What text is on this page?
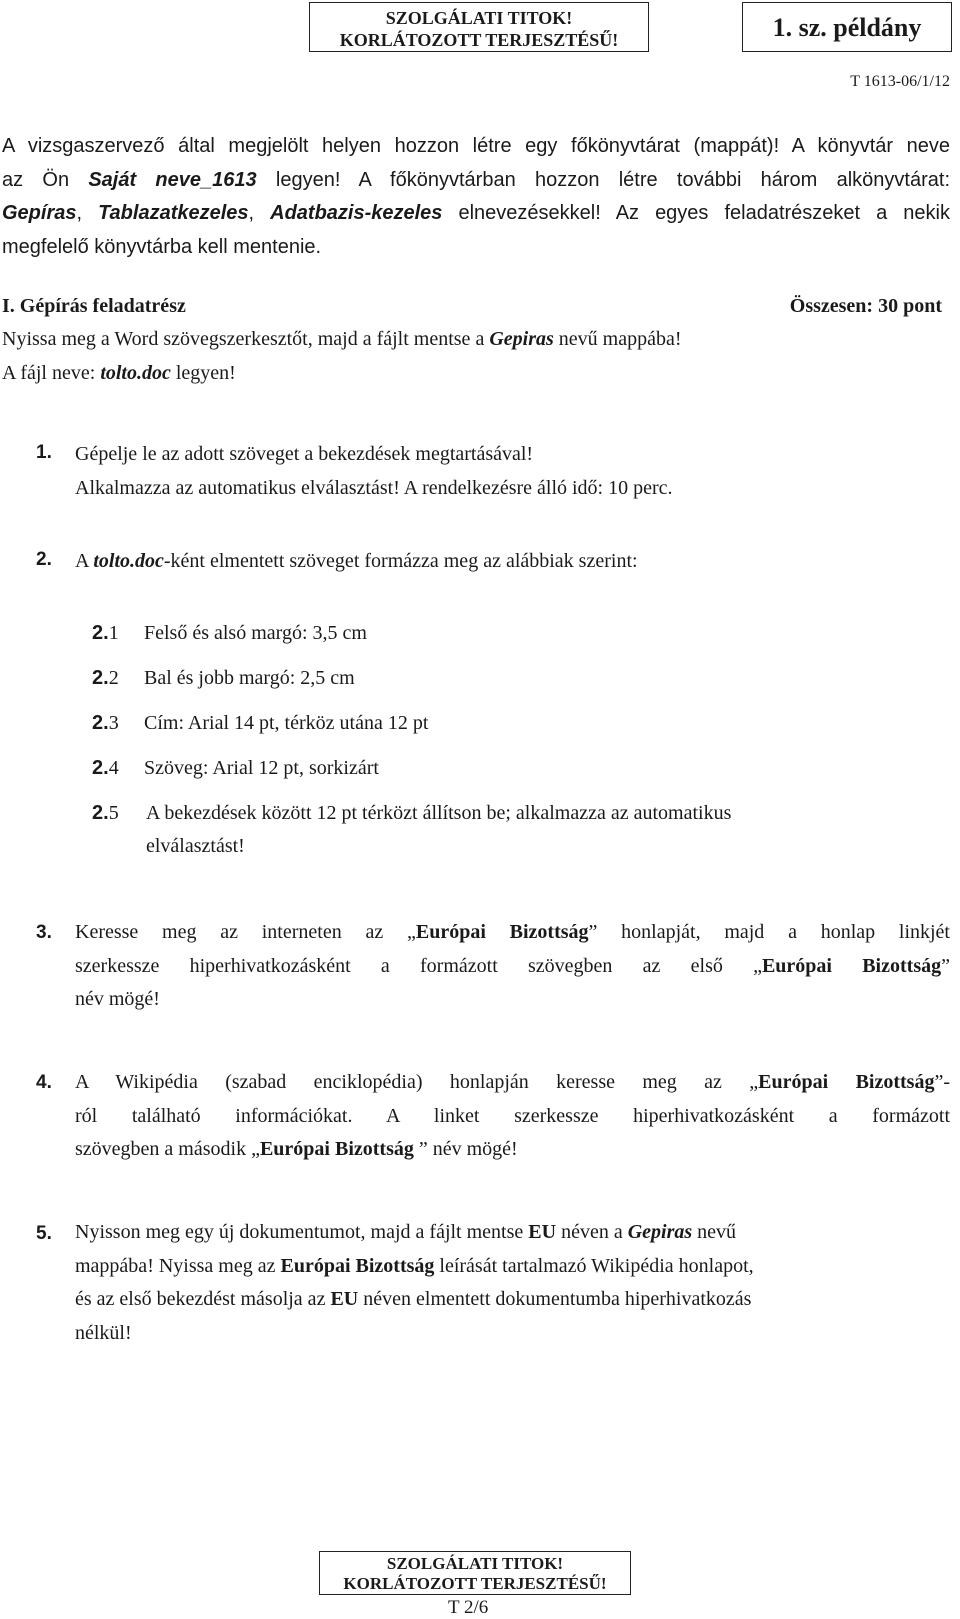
SZOLGÁLATI TITOK!
KORLÁTOZOTT TERJESZTÉSŰ!	1. sz. példány
T 1613-06/1/12
A vizsgaszervező által megjelölt helyen hozzon létre egy főkönyvtárat (mappát)! A könyvtár neve
az Ön Saját neve_1613 legyen! A főkönyvtárban hozzon létre további három alkönyvtárat:
Gepíras, Tablazatkezeles, Adatbazis-kezeles elnevezésekkel! Az egyes feladatrészeket a nekik
megfelelő könyvtárba kell mentenie.
I. Gépírás feladatrész	Összesen: 30 pont
Nyissa meg a Word szövegszerkesztőt, majd a fájlt mentse a Gepiras nevű mappába!
A fájl neve: tolto.doc legyen!
1. Gépelje le az adott szöveget a bekezdések megtartásával!
Alkalmazza az automatikus elválasztást! A rendelkezésre álló idő: 10 perc.
2. A tolto.doc-ként elmentett szöveget formázza meg az alábbiak szerint:
2.1 Felső és alsó margó: 3,5 cm
2.2 Bal és jobb margó: 2,5 cm
2.3 Cím: Arial 14 pt, térköz utána 12 pt
2.4 Szöveg: Arial 12 pt, sorkizárt
2.5 A bekezdések között 12 pt térközt állítson be; alkalmazza az automatikus
elválasztást!
3. Keresse meg az interneten az „Európai Bizottság” honlapját, majd a honlap linkjét
szerkessze hiperhivatkozásként a formázott szövegben az első „Európai Bizottság”
név mögé!
4. A Wikipédia (szabad enciklopédia) honlapján keresse meg az „Európai Bizottság”-
ról található információkat. A linket szerkessze hiperhivatkozásként a formázott
szövegben a második „Európai Bizottság ” név mögé!
5. Nyisson meg egy új dokumentumot, majd a fájlt mentse EU néven a Gepiras nevű
mappába! Nyissa meg az Európai Bizottság leírását tartalmazó Wikipédia honlapot,
és az első bekezdést másolja az EU néven elmentett dokumentumba hiperhivatkozás
nélkül!
SZOLGÁLATI TITOK!
KORLÁTOZOTT TERJESZTÉSŰ!
T 2/6
